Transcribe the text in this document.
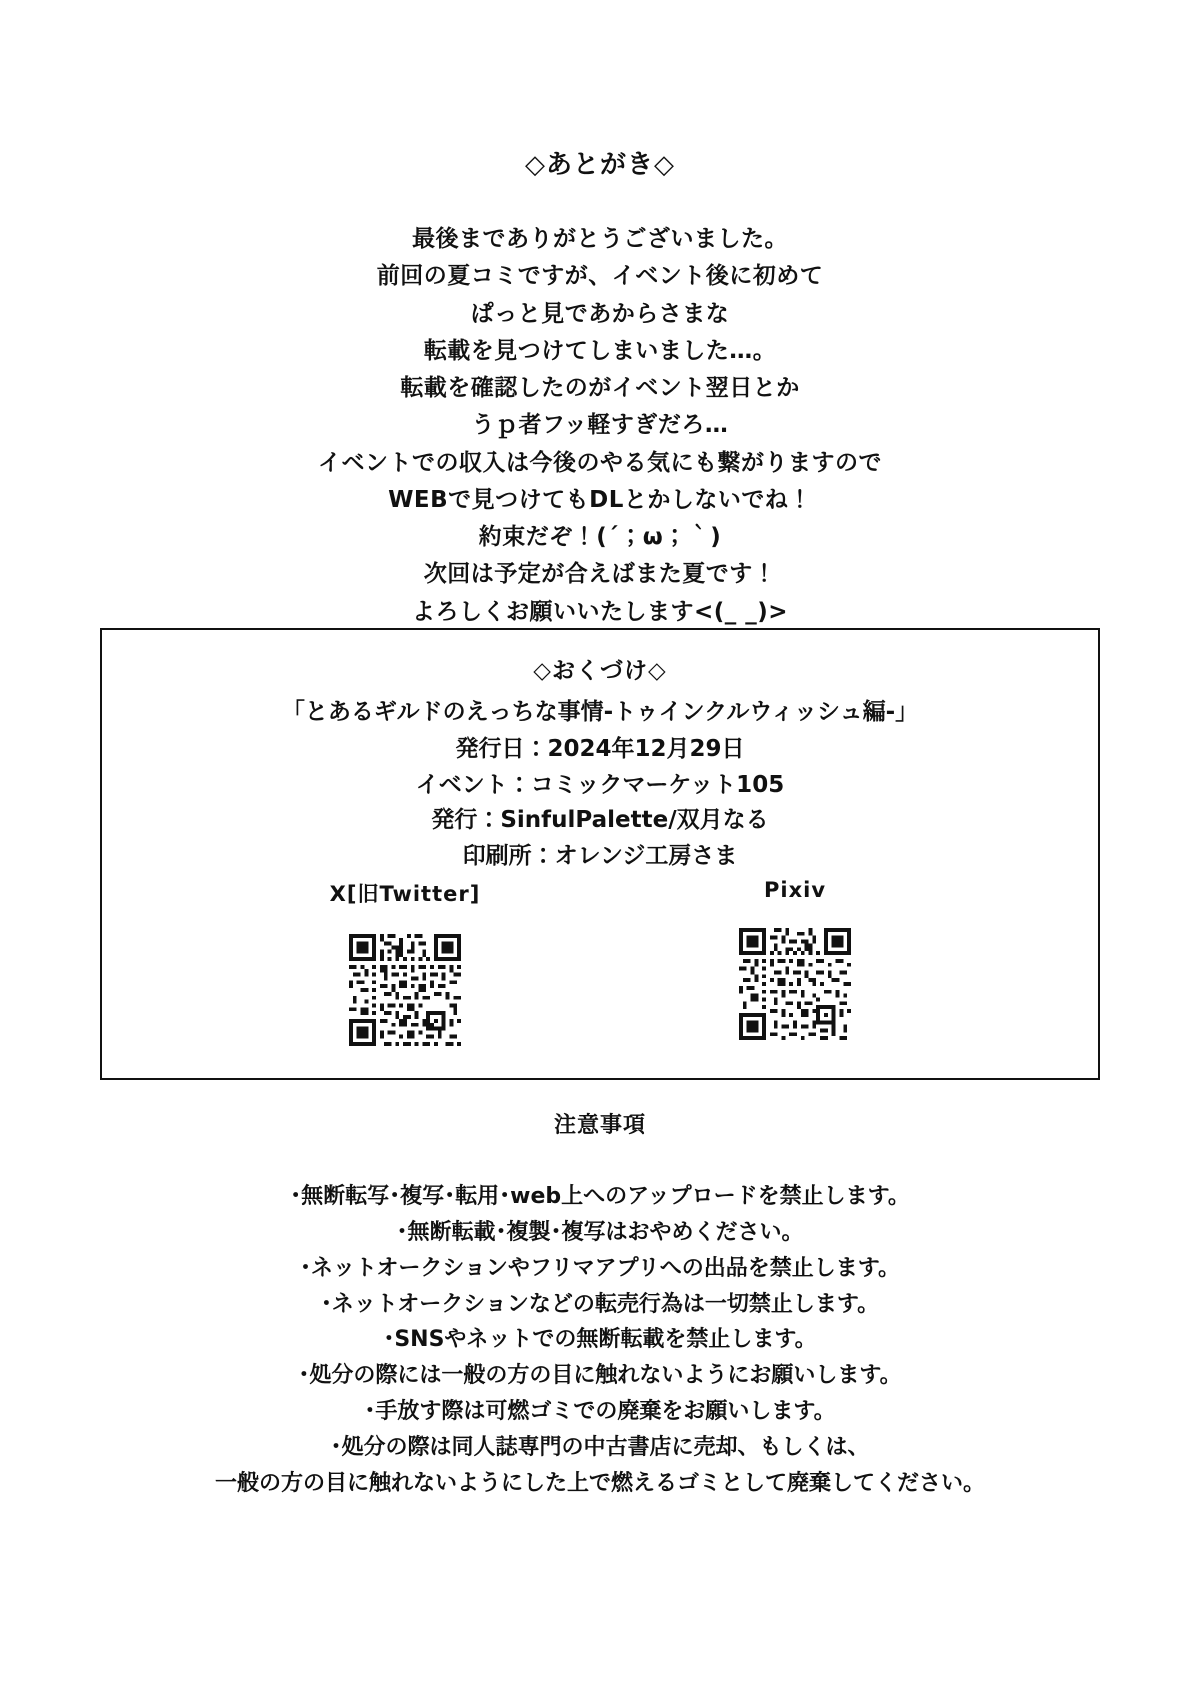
◇あとがき◇
最後までありがとうございました。
前回の夏コミですが、イベント後に初めて
ぱっと見であからさまな
転載を見つけてしまいました…。
転載を確認したのがイベント翌日とか
うｐ者フッ軽すぎだろ…
イベントでの収入は今後のやる気にも繋がりますので
WEBで見つけてもDLとかしないでね！
約束だぞ！(´；ω；｀)
次回は予定が合えばまた夏です！
よろしくお願いいたします<(_ _)>
◇おくづけ◇
「とあるギルドのえっちな事情-トゥインクルウィッシュ編-」
発行日：2024年12月29日
イベント：コミックマーケット105
発行：SinfulPalette/双月なる
印刷所：オレンジ工房さま
X[旧Twitter]	Pixiv
注意事項
･無断転写･複写･転用･web上へのアップロードを禁止します。
･無断転載･複製･複写はおやめください。
･ネットオークションやフリマアプリへの出品を禁止します。
･ネットオークションなどの転売行為は一切禁止します。
･SNSやネットでの無断転載を禁止します。
･処分の際には一般の方の目に触れないようにお願いします。
･手放す際は可燃ゴミでの廃棄をお願いします。
･処分の際は同人誌専門の中古書店に売却、もしくは、
一般の方の目に触れないようにした上で燃えるゴミとして廃棄してください。
